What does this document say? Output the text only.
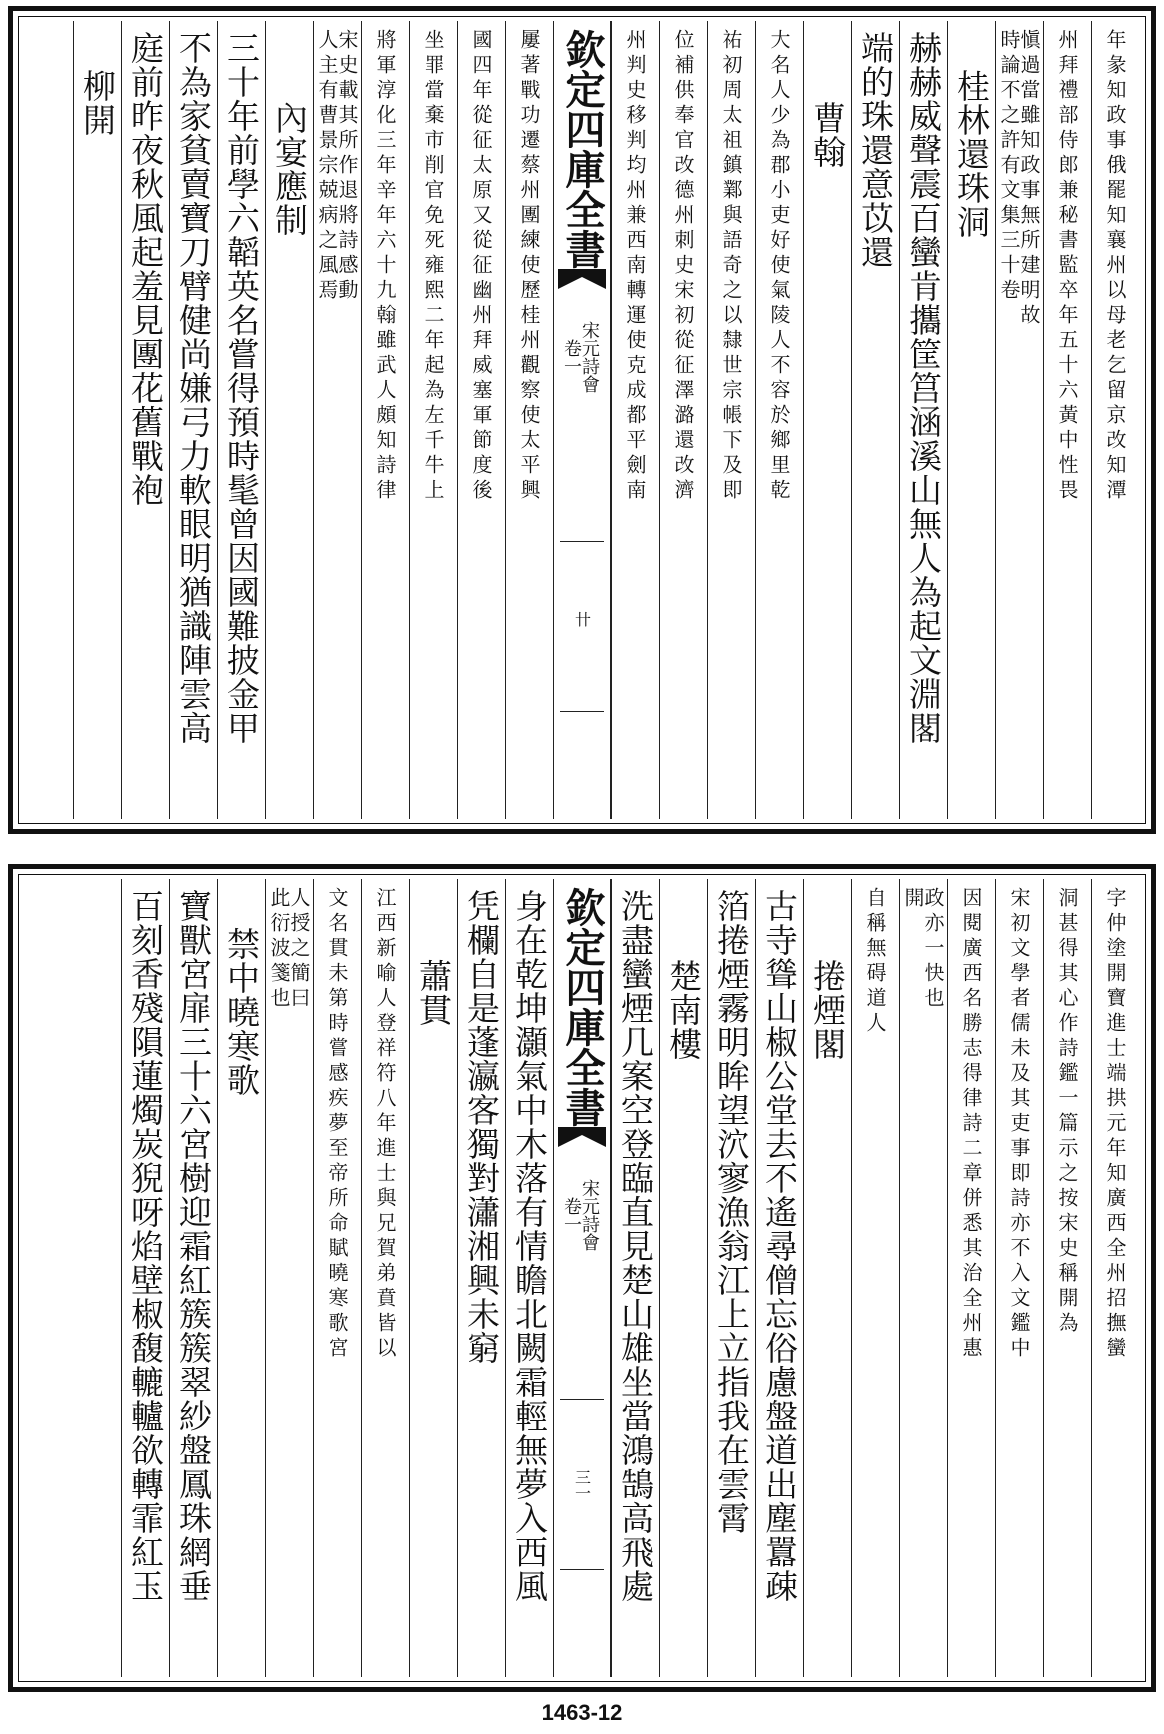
年彖知政事俄罷知襄州以母老乞留京改知潭
州拜禮部侍郎兼秘書監卒年五十六黃中性畏
愼過當雖知政事無所建明故
時論不之許有文集三十卷
桂林還珠洞
赫赫威聲震百蠻肯攜筐筥涵溪山無人為起文淵閣
端的珠還意苡還
曹翰
大名人少為郡小吏好使氣陵人不容於鄉里乾
祐初周太祖鎮鄴與語奇之以隸世宗帳下及即
位補供奉官改德州刺史宋初從征澤潞還改濟
州判史移判均州兼西南轉運使克成都平劍南
欽定四庫全書
宋元詩會
卷一
卄
屢著戰功遷蔡州團練使歷桂州觀察使太平興
國四年從征太原又從征幽州拜威塞軍節度後
坐罪當棄市削官免死雍熙二年起為左千牛上
將軍淳化三年辛年六十九翰雖武人頗知詩律
宋史載其所作退將詩感動
人主有曹景宗兢病之風焉
內宴應制
三十年前學六韜英名嘗得預時髦曾因國難披金甲
不為家貧賣寶刀臂健尚嫌弓力軟眼明猶識陣雲高
庭前昨夜秋風起羞見團花舊戰袍
柳開
字仲塗開寶進士端拱元年知廣西全州招撫蠻
洞甚得其心作詩鑑一篇示之按宋史稱開為
宋初文學者儒未及其吏事即詩亦不入文鑑中
因閱廣西名勝志得律詩二章併悉其治全州惠
政亦一快也
開
自稱無碍道人
捲煙閣
古寺聳山椒公堂去不遙尋僧忘俗慮盤道出塵囂疎
箔捲煙霧明眸望泬寥漁翁江上立指我在雲霄
楚南樓
洗盡蠻煙几案空登臨直見楚山雄坐當鴻鵠高飛處
欽定四庫全書
宋元詩會
卷一
三一
身在乾坤灝氣中木落有情瞻北闕霜輕無夢入西風
凭欄自是蓬瀛客獨對瀟湘興未窮
蕭貫
江西新喻人登祥符八年進士與兄賀弟賁皆以
文名貫未第時嘗感疾夢至帝所命賦曉寒歌宮
人授之簡曰
此衍波箋也
禁中曉寒歌
寶獸宮扉三十六宮樹迎霜紅簇簇翠紗盤鳳珠網垂
百刻香殘隕蓮燭炭猊呀焰壁椒馥轆轤欲轉霏紅玉
1463-12
